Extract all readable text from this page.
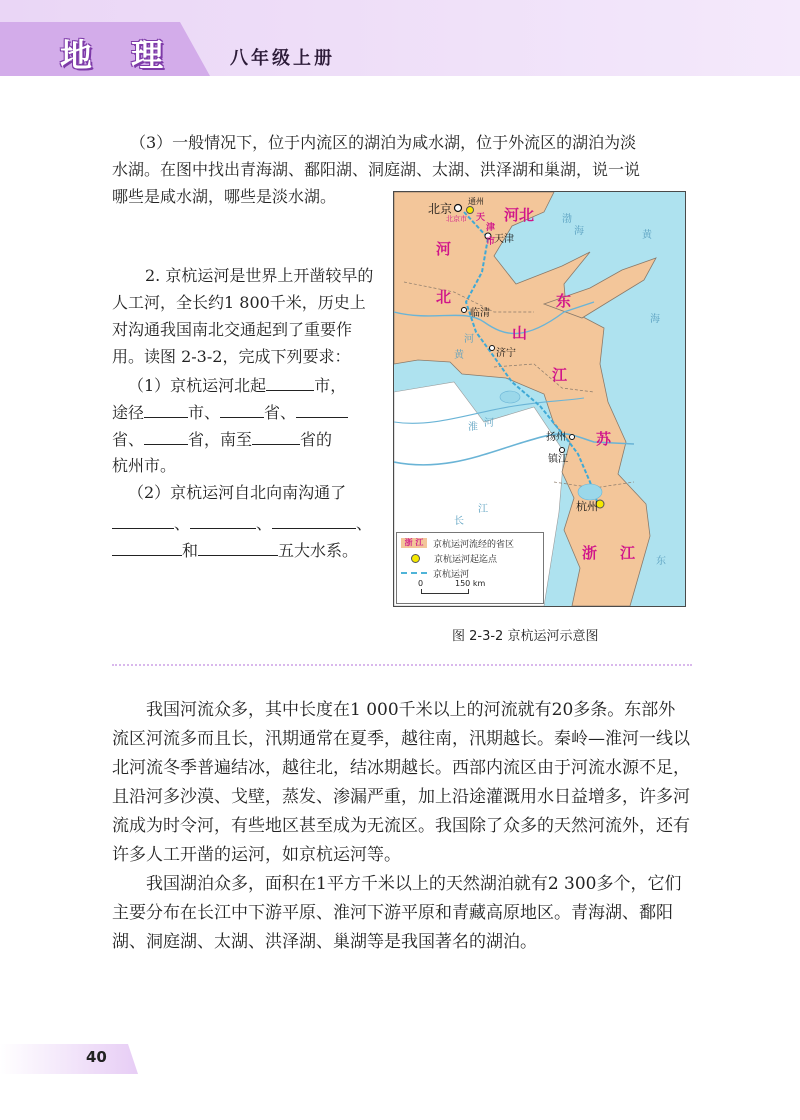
地 理	八年级上册
（3）一般情况下，位于内流区的湖泊为咸水湖，位于外流区的湖泊为淡
水湖。在图中找出青海湖、鄱阳湖、洞庭湖、太湖、洪泽湖和巢湖，说一说
哪些是咸水湖，哪些是淡水湖。
2. 京杭运河是世界上开凿较早的
人工河，全长约1 800千米，历史上
对沟通我国南北交通起到了重要作
用。读图 2-3-2，完成下列要求：
（1）京杭运河北起	市，
途径	市、	省、
省、	省，南至	省的
杭州市。
（2）京杭运河自北向南沟通了
、	、	、
和	五大水系。
河北
天
津
市
河
北
山
东
江
苏
浙 江
北京
北京市
通州
天津
临清
济宁
扬州
镇江
杭州
渤
海	黄
河
黄
海
长
江
淮 河
东
浙 江	京杭运河流经的省区
京杭运河起迄点
京杭运河
0	150 km
图 2-3-2 京杭运河示意图

我国河流众多，其中长度在1 000千米以上的河流就有20多条。东部外流区河流多而且长，汛期通常在夏季，越往南，汛期越长。秦岭—淮河一线以北河流冬季普遍结冰，越往北，结冰期越长。西部内流区由于河流水源不足，且沿河多沙漠、戈壁，蒸发、渗漏严重，加上沿途灌溉用水日益增多，许多河流成为时令河，有些地区甚至成为无流区。我国除了众多的天然河流外，还有许多人工开凿的运河，如京杭运河等。

我国湖泊众多，面积在1平方千米以上的天然湖泊就有2 300多个，它们主要分布在长江中下游平原、淮河下游平原和青藏高原地区。青海湖、鄱阳湖、洞庭湖、太湖、洪泽湖、巢湖等是我国著名的湖泊。

40
